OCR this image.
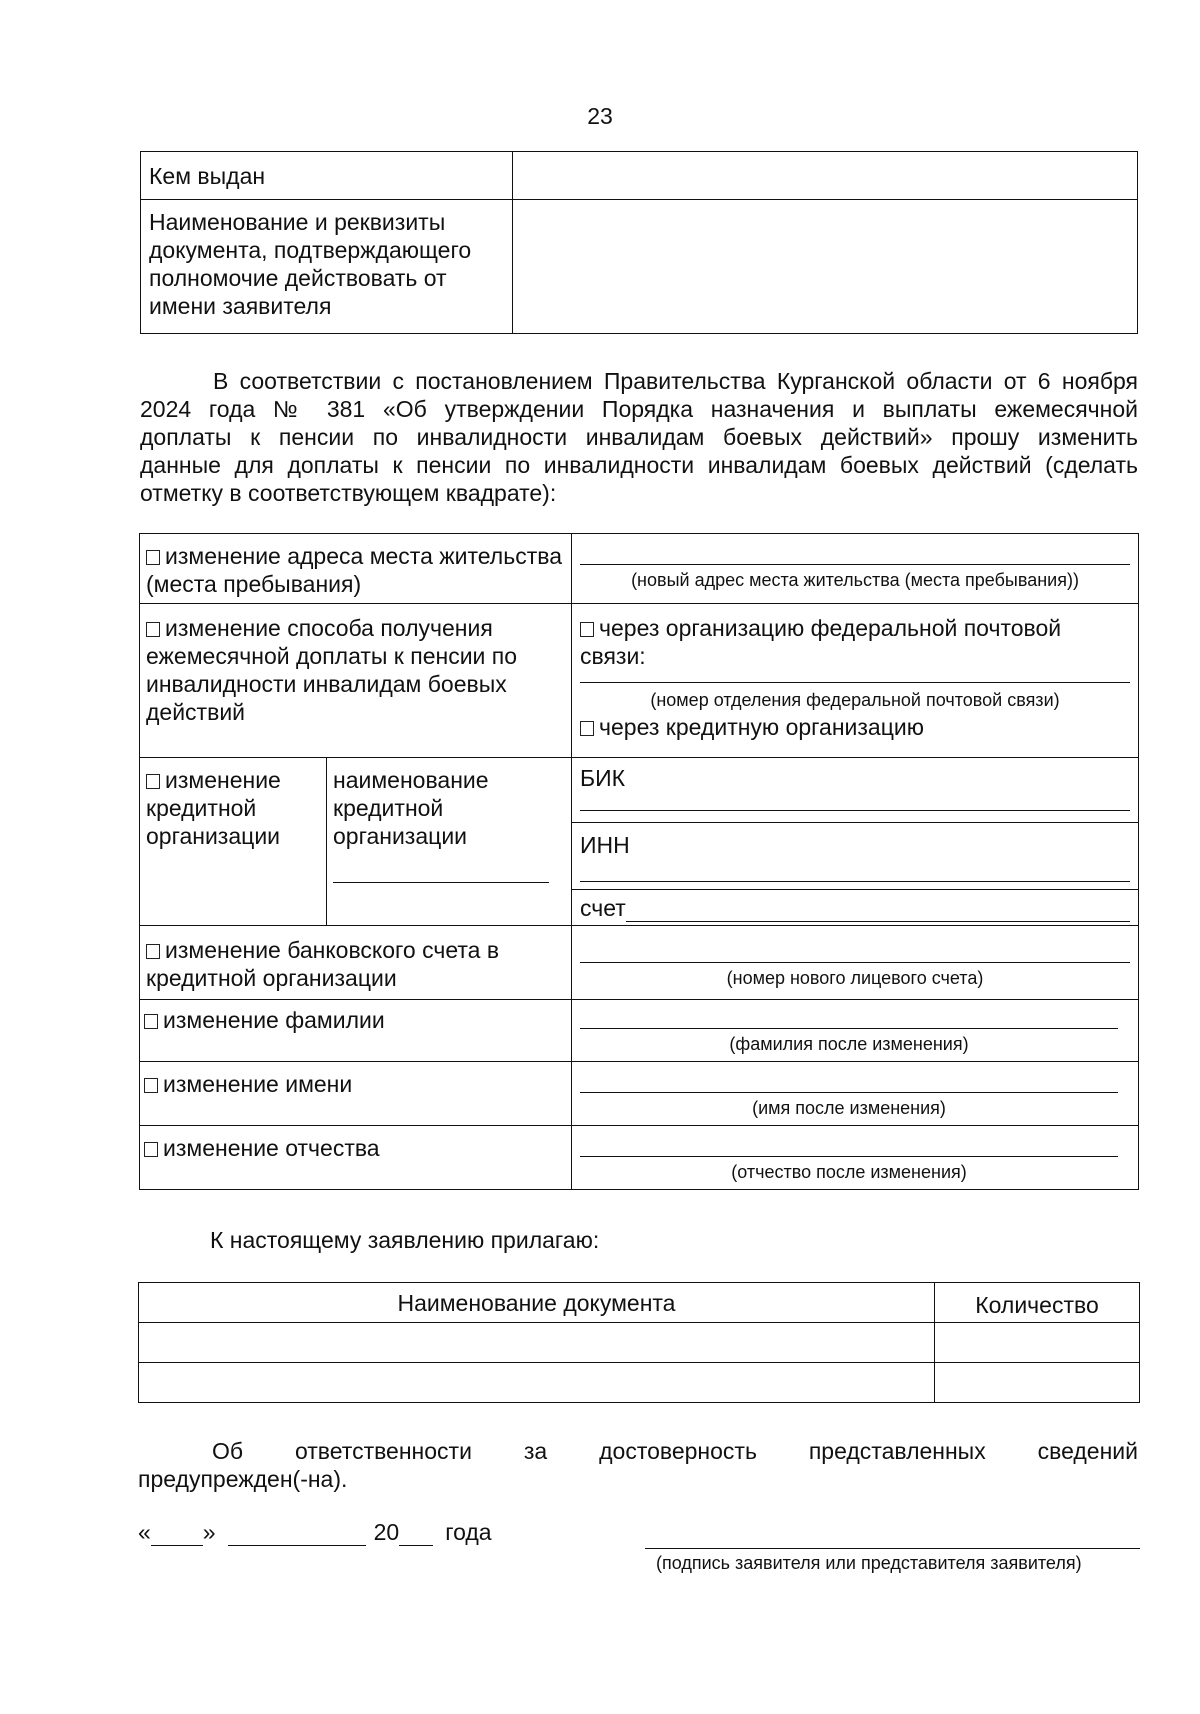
23
Кем выдан	
Наименование и реквизиты документа, подтверждающего полномочие действовать от имени заявителя	
В соответствии с постановлением Правительства Курганской области от 6 ноября
2024 года № 381 «Об утверждении Порядка назначения и выплаты ежемесячной
доплаты к пенсии по инвалидности инвалидам боевых действий» прошу изменить
данные для доплаты к пенсии по инвалидности инвалидам боевых действий (сделать
отметку в соответствующем квадрате):
изменение адреса места жительства (места пребывания)		(новый адрес места жительства (места пребывания))

изменение способа получения ежемесячной доплаты к пенсии по инвалидности инвалидам боевых действий		через организацию федеральной почтовой связи:
(номер отделения федеральной почтовой связи)
через кредитную организацию

изменение кредитной организации	наименование кредитной организации	БИК

		ИНН

		счет

изменение банковского счета в кредитной организации		(номер нового лицевого счета)

изменение фамилии		(фамилия после изменения)

изменение имени		(имя после изменения)

изменение отчества		(отчество после изменения)
К настоящему заявлению прилагаю:
Наименование документа	Количество

Об ответственности за достоверность представленных сведений
предупрежден(-на).
« »	20 года
(подпись заявителя или представителя заявителя)
